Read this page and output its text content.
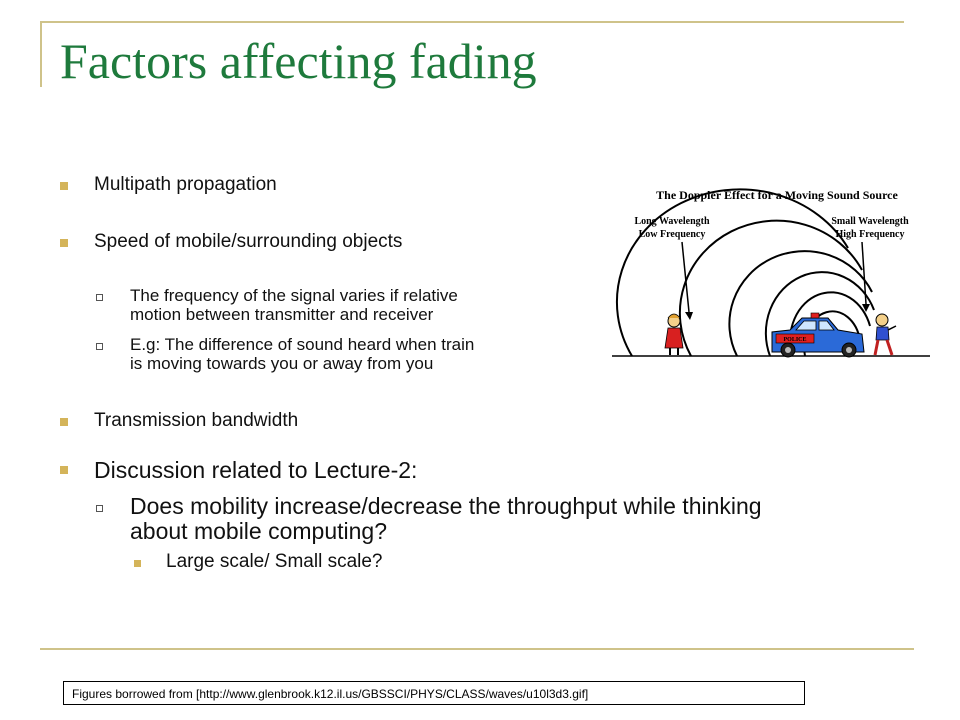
Factors affecting fading
Multipath propagation
Speed of mobile/surrounding objects
The frequency of the signal varies if relative
motion between transmitter and receiver
E.g: The difference of sound heard when train
is moving towards you or away from you
Transmission bandwidth
Discussion related to Lecture-2:
Does mobility increase/decrease the throughput while thinking
about mobile computing?
Large scale/ Small scale?
The Doppler Effect for a Moving Sound Source
Long Wavelength
Low Frequency
Small Wavelength
High Frequency
POLICE
Figures borrowed from [http://www.glenbrook.k12.il.us/GBSSCI/PHYS/CLASS/waves/u10l3d3.gif]
